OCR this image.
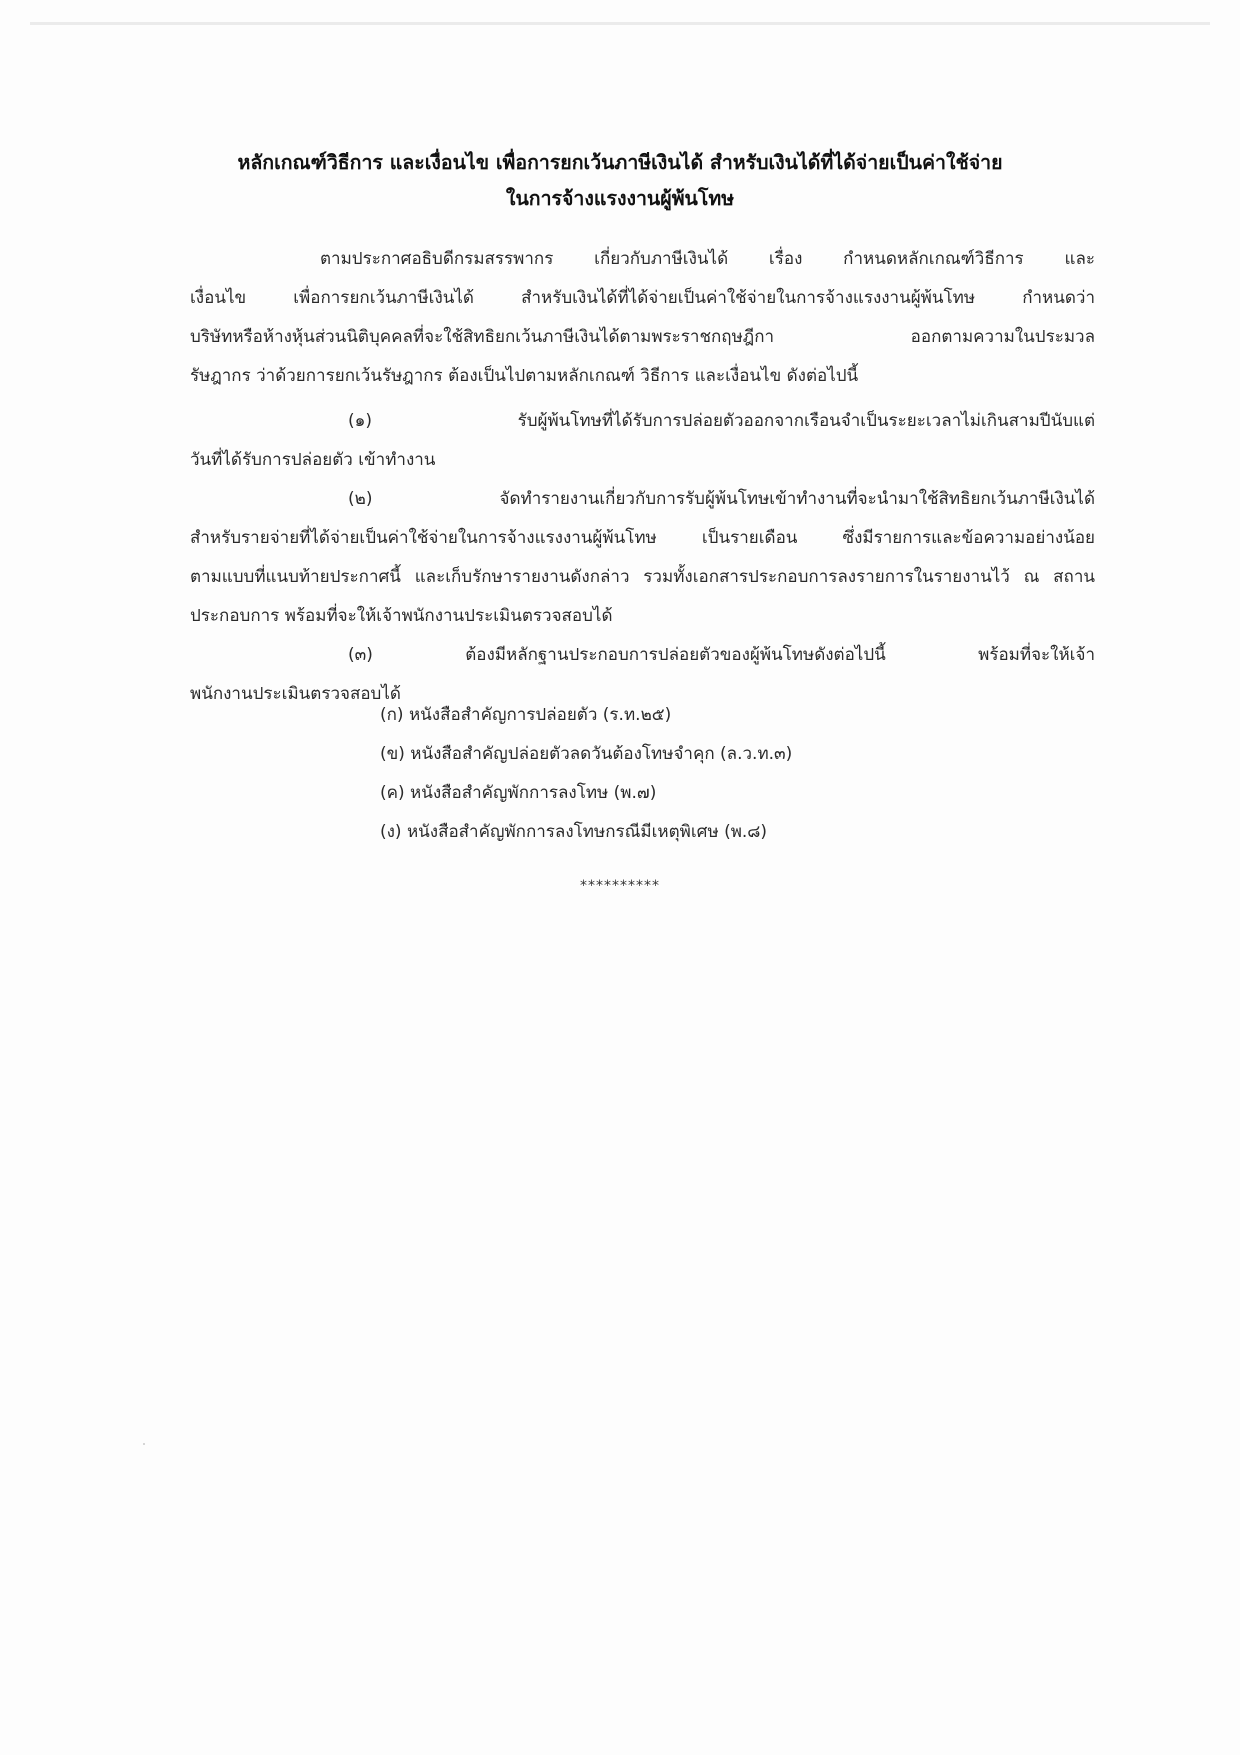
หลักเกณฑ์วิธีการ และเงื่อนไข เพื่อการยกเว้นภาษีเงินได้ สำหรับเงินได้ที่ได้จ่ายเป็นค่าใช้จ่าย
ในการจ้างแรงงานผู้พ้นโทษ
ตามประกาศอธิบดีกรมสรรพากร เกี่ยวกับภาษีเงินได้ เรื่อง กำหนดหลักเกณฑ์วิธีการ และ
เงื่อนไข เพื่อการยกเว้นภาษีเงินได้ สำหรับเงินได้ที่ได้จ่ายเป็นค่าใช้จ่ายในการจ้างแรงงานผู้พ้นโทษ กำหนดว่า
บริษัทหรือห้างหุ้นส่วนนิติบุคคลที่จะใช้สิทธิยกเว้นภาษีเงินได้ตามพระราชกฤษฎีกา ออกตามความในประมวล
รัษฎากร ว่าด้วยการยกเว้นรัษฎากร ต้องเป็นไปตามหลักเกณฑ์ วิธีการ และเงื่อนไข ดังต่อไปนี้
(๑) รับผู้พ้นโทษที่ได้รับการปล่อยตัวออกจากเรือนจำเป็นระยะเวลาไม่เกินสามปีนับแต่
วันที่ได้รับการปล่อยตัว เข้าทำงาน
(๒) จัดทำรายงานเกี่ยวกับการรับผู้พ้นโทษเข้าทำงานที่จะนำมาใช้สิทธิยกเว้นภาษีเงินได้
สำหรับรายจ่ายที่ได้จ่ายเป็นค่าใช้จ่ายในการจ้างแรงงานผู้พ้นโทษ เป็นรายเดือน ซึ่งมีรายการและข้อความอย่างน้อย
ตามแบบที่แนบท้ายประกาศนี้ และเก็บรักษารายงานดังกล่าว รวมทั้งเอกสารประกอบการลงรายการในรายงานไว้ ณ สถาน
ประกอบการ พร้อมที่จะให้เจ้าพนักงานประเมินตรวจสอบได้
(๓) ต้องมีหลักฐานประกอบการปล่อยตัวของผู้พ้นโทษดังต่อไปนี้ พร้อมที่จะให้เจ้า
พนักงานประเมินตรวจสอบได้
(ก) หนังสือสำคัญการปล่อยตัว (ร.ท.๒๕)
(ข) หนังสือสำคัญปล่อยตัวลดวันต้องโทษจำคุก (ล.ว.ท.๓)
(ค) หนังสือสำคัญพักการลงโทษ (พ.๗)
(ง) หนังสือสำคัญพักการลงโทษกรณีมีเหตุพิเศษ (พ.๘)
**********
